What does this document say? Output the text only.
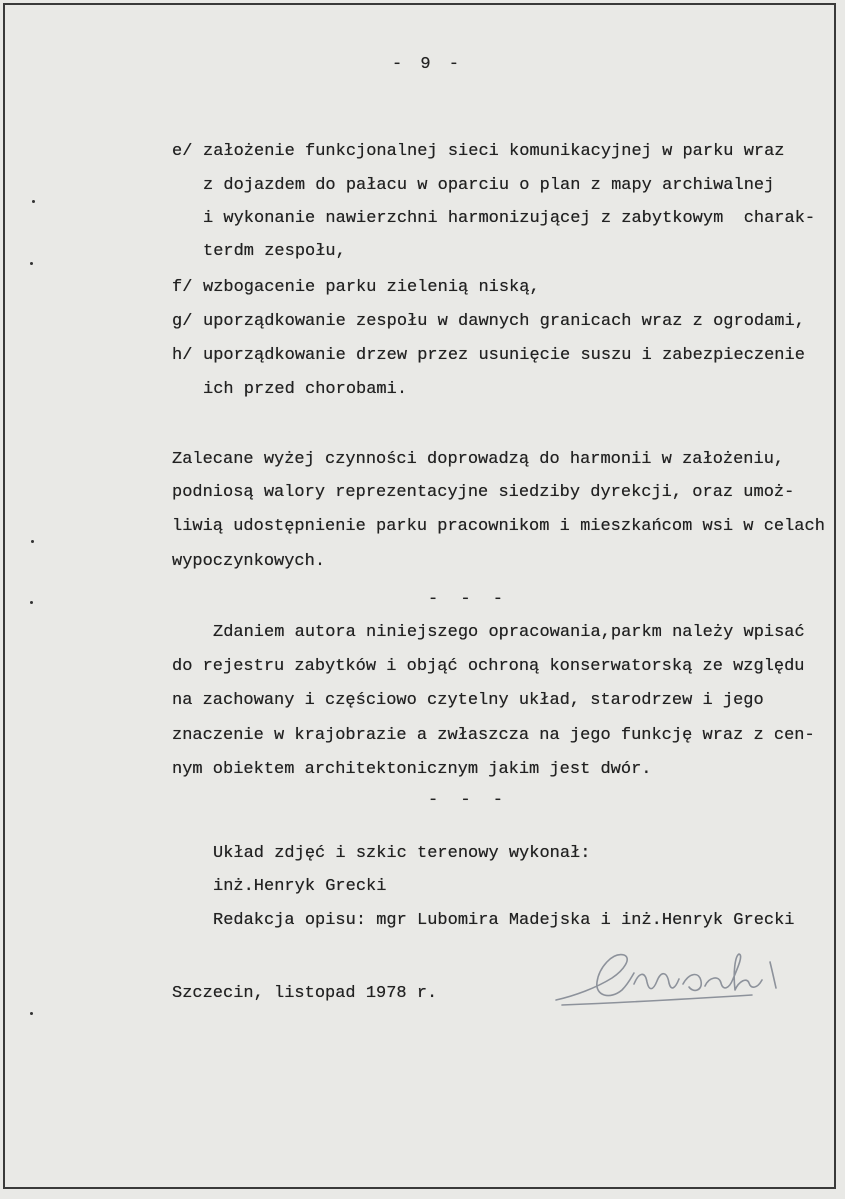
- 9 -
e/ założenie funkcjonalnej sieci komunikacyjnej w parku wraz
z dojazdem do pałacu w oparciu o plan z mapy archiwalnej
i wykonanie nawierzchni harmonizującej z zabytkowym  charak-
terdm zespołu,
f/ wzbogacenie parku zielenią niską,
g/ uporządkowanie zespołu w dawnych granicach wraz z ogrodami,
h/ uporządkowanie drzew przez usunięcie suszu i zabezpieczenie
ich przed chorobami.
Zalecane wyżej czynności doprowadzą do harmonii w założeniu,
podniosą walory reprezentacyjne siedziby dyrekcji, oraz umoż-
liwią udostępnienie parku pracownikom i mieszkańcom wsi w celach
wypoczynkowych.
- - -
Zdaniem autora niniejszego opracowania,parkm należy wpisać
do rejestru zabytków i objąć ochroną konserwatorską ze względu
na zachowany i częściowo czytelny układ, starodrzew i jego
znaczenie w krajobrazie a zwłaszcza na jego funkcję wraz z cen-
nym obiektem architektonicznym jakim jest dwór.
- - -
Układ zdjęć i szkic terenowy wykonał:
inż.Henryk Grecki
Redakcja opisu: mgr Lubomira Madejska i inż.Henryk Grecki
Szczecin, listopad 1978 r.
